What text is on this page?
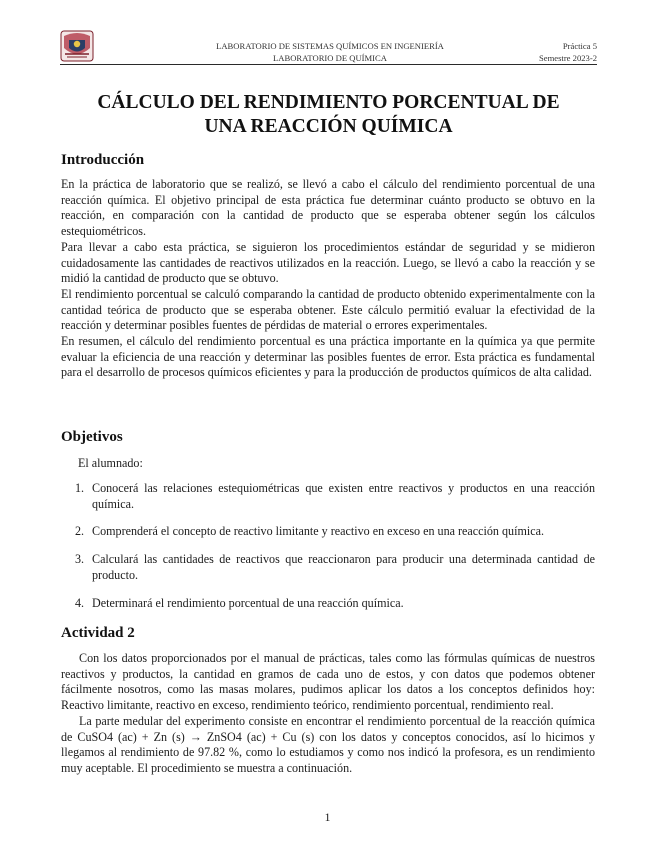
LABORATORIO DE SISTEMAS QUÍMICOS EN INGENIERÍA
LABORATORIO DE QUÍMICA
Práctica 5
Semestre 2023-2
CÁLCULO DEL RENDIMIENTO PORCENTUAL DE
UNA REACCIÓN QUÍMICA
Introducción

En la práctica de laboratorio que se realizó, se llevó a cabo el cálculo del rendimiento porcentual de una reacción química. El objetivo principal de esta práctica fue determinar cuánto producto se obtuvo en la reacción, en comparación con la cantidad de producto que se esperaba obtener según los cálculos estequiométricos.

Para llevar a cabo esta práctica, se siguieron los procedimientos estándar de seguridad y se midieron cuidadosamente las cantidades de reactivos utilizados en la reacción. Luego, se llevó a cabo la reacción y se midió la cantidad de producto que se obtuvo.

El rendimiento porcentual se calculó comparando la cantidad de producto obtenido experimentalmente con la cantidad teórica de producto que se esperaba obtener. Este cálculo permitió evaluar la efectividad de la reacción y determinar posibles fuentes de pérdidas de material o errores experimentales.

En resumen, el cálculo del rendimiento porcentual es una práctica importante en la química ya que permite evaluar la eficiencia de una reacción y determinar las posibles fuentes de error. Esta práctica es fundamental para el desarrollo de procesos químicos eficientes y para la producción de productos químicos de alta calidad.

Objetivos
El alumnado:
1. Conocerá las relaciones estequiométricas que existen entre reactivos y productos en una reacción química.
2. Comprenderá el concepto de reactivo limitante y reactivo en exceso en una reacción química.
3. Calculará las cantidades de reactivos que reaccionaron para producir una determinada cantidad de producto.
4. Determinará el rendimiento porcentual de una reacción química.
Actividad 2

Con los datos proporcionados por el manual de prácticas, tales como las fórmulas químicas de nuestros reactivos y productos, la cantidad en gramos de cada uno de estos, y con datos que podemos obtener fácilmente nosotros, como las masas molares, pudimos aplicar los datos a los conceptos definidos hoy: Reactivo limitante, reactivo en exceso, rendimiento teórico, rendimiento porcentual, rendimiento real.

La parte medular del experimento consiste en encontrar el rendimiento porcentual de la reacción química de CuSO4 (ac) + Zn (s) → ZnSO4 (ac) + Cu (s) con los datos y conceptos conocidos, así lo hicimos y llegamos al rendimiento de 97.82 %, como lo estudiamos y como nos indicó la profesora, es un rendimiento muy aceptable. El procedimiento se muestra a continuación.

1
